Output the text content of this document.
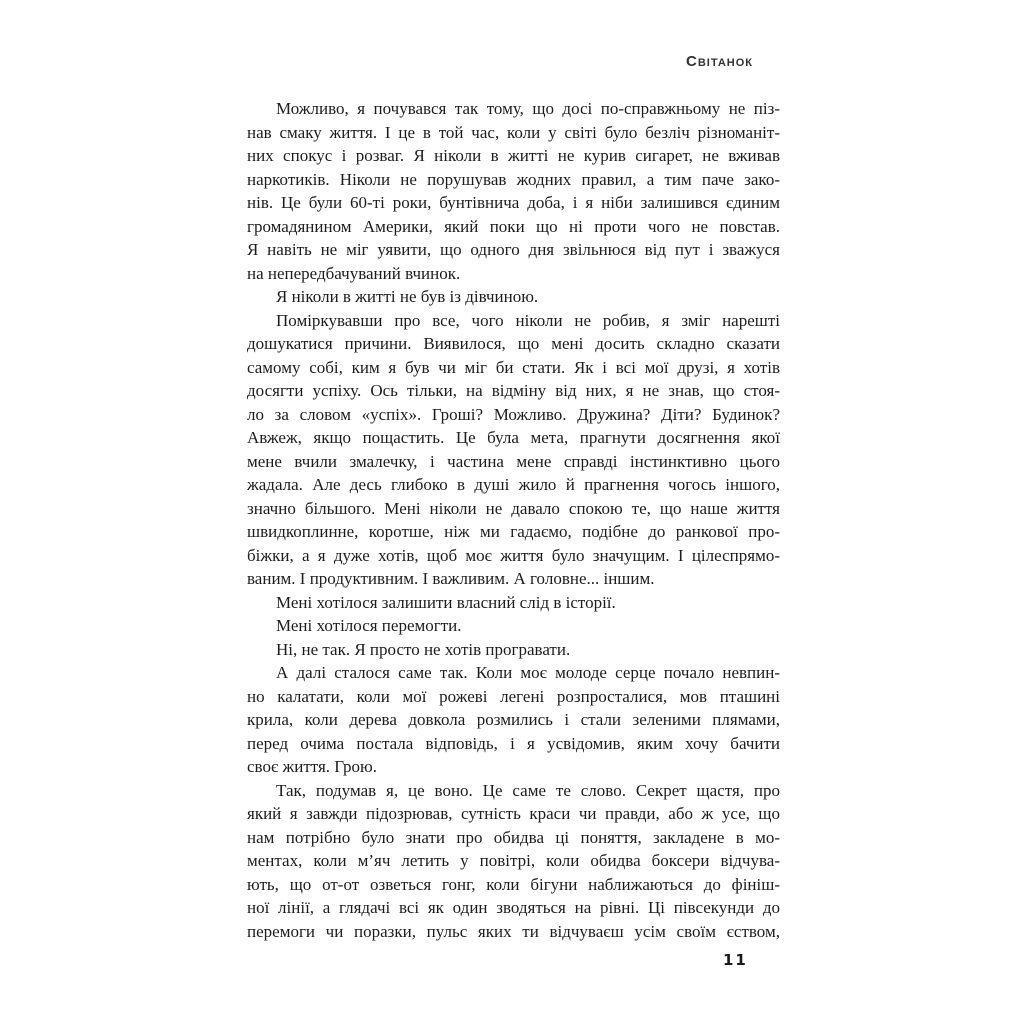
Світанок
Можливо, я почувався так тому, що досі по-справжньому не піз-
нав смаку життя. І це в той час, коли у світі було безліч різноманіт-
них спокус і розваг. Я ніколи в житті не курив сигарет, не вживав
наркотиків. Ніколи не порушував жодних правил, а тим паче зако-
нів. Це були 60-ті роки, бунтівнича доба, і я ніби залишився єдиним
громадянином Америки, який поки що ні проти чого не повстав.
Я навіть не міг уявити, що одного дня звільнюся від пут і зважуся
на непередбачуваний вчинок.
Я ніколи в житті не був із дівчиною.
Поміркувавши про все, чого ніколи не робив, я зміг нарешті
дошукатися причини. Виявилося, що мені досить складно сказати
самому собі, ким я був чи міг би стати. Як і всі мої друзі, я хотів
досягти успіху. Ось тільки, на відміну від них, я не знав, що стоя-
ло за словом «успіх». Гроші? Можливо. Дружина? Діти? Будинок?
Авжеж, якщо пощастить. Це була мета, прагнути досягнення якої
мене вчили змалечку, і частина мене справді інстинктивно цього
жадала. Але десь глибоко в душі жило й прагнення чогось іншого,
значно більшого. Мені ніколи не давало спокою те, що наше життя
швидкоплинне, коротше, ніж ми гадаємо, подібне до ранкової про-
біжки, а я дуже хотів, щоб моє життя було значущим. І цілеспрямо-
ваним. І продуктивним. І важливим. А головне... іншим.
Мені хотілося залишити власний слід в історії.
Мені хотілося перемогти.
Ні, не так. Я просто не хотів програвати.
А далі сталося саме так. Коли моє молоде серце почало невпин-
но калатати, коли мої рожеві легені розпросталися, мов пташині
крила, коли дерева довкола розмились і стали зеленими плямами,
перед очима постала відповідь, і я усвідомив, яким хочу бачити
своє життя. Грою.
Так, подумав я, це воно. Це саме те слово. Секрет щастя, про
який я завжди підозрював, сутність краси чи правди, або ж усе, що
нам потрібно було знати про обидва ці поняття, закладене в мо-
ментах, коли м’яч летить у повітрі, коли обидва боксери відчува-
ють, що от-от озветься гонг, коли бігуни наближаються до фініш-
ної лінії, а глядачі всі як один зводяться на рівні. Ці півсекунди до
перемоги чи поразки, пульс яких ти відчуваєш усім своїм єством,
11
